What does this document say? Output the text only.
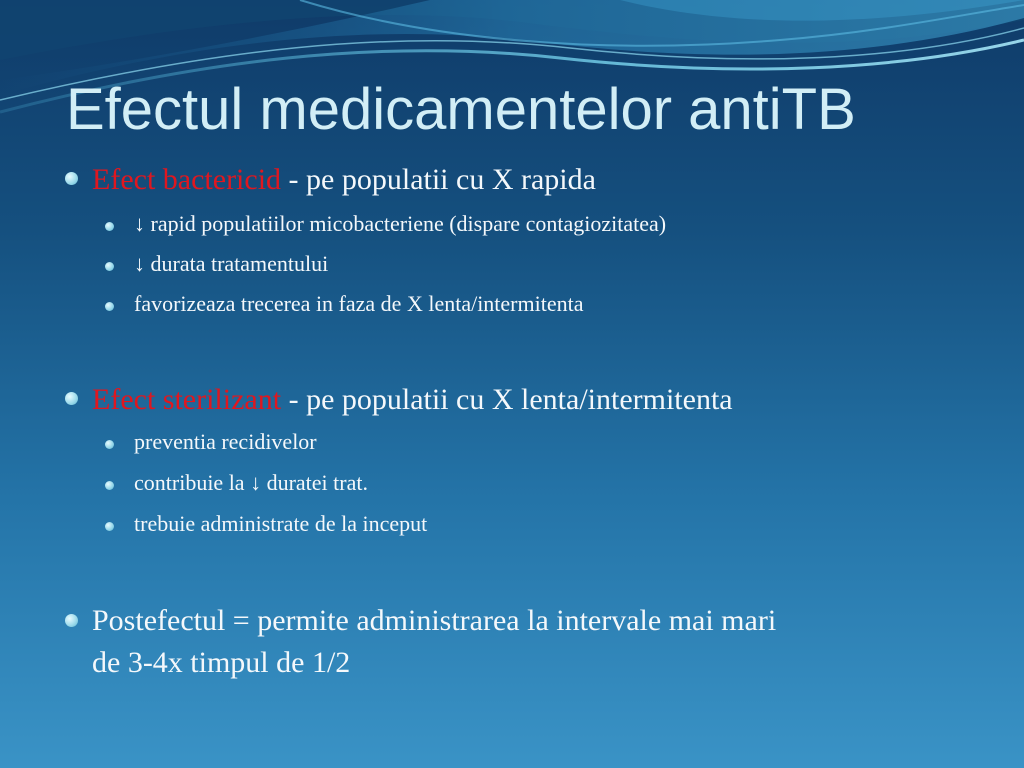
Efectul medicamentelor antiTB
Efect bactericid - pe populatii cu X rapida
↓ rapid populatiilor micobacteriene (dispare contagiozitatea)
↓ durata tratamentului
favorizeaza trecerea in faza de X lenta/intermitenta
Efect sterilizant - pe populatii cu X lenta/intermitenta
preventia recidivelor
contribuie la ↓ duratei trat.
trebuie administrate de la inceput
Postefectul = permite administrarea la intervale mai mari
de 3-4x timpul de 1/2
